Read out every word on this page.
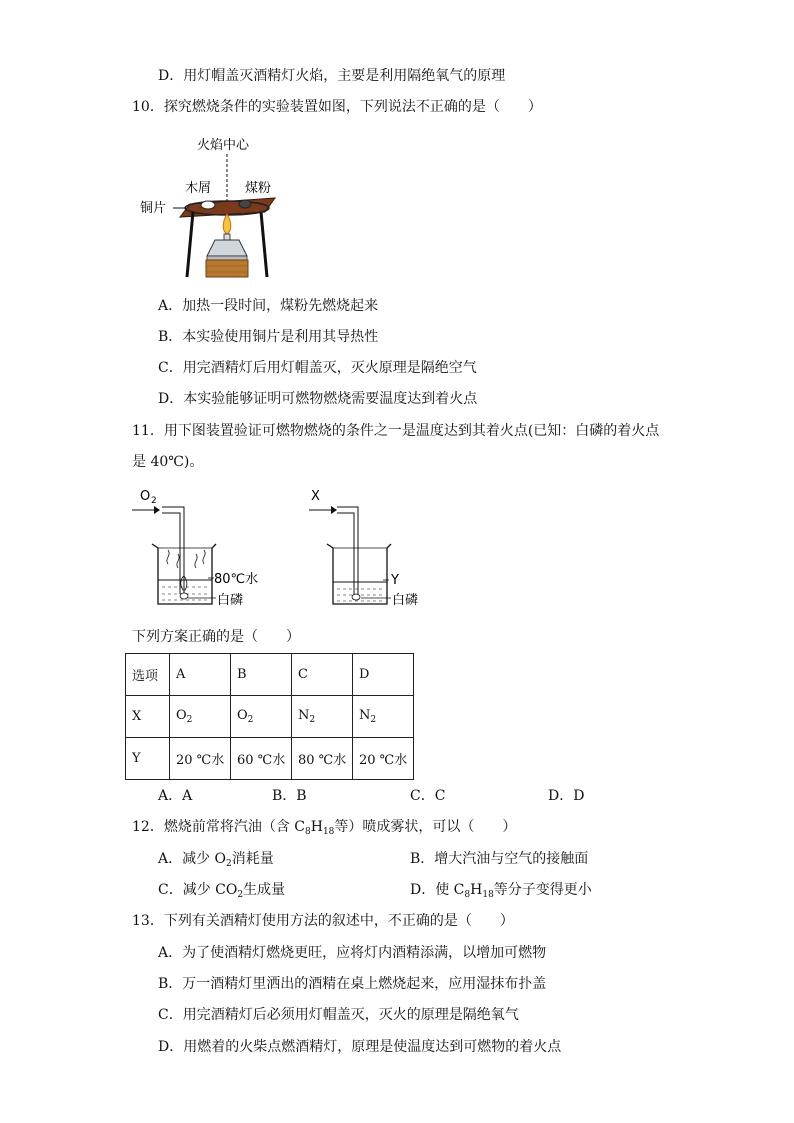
D．用灯帽盖灭酒精灯火焰，主要是利用隔绝氧气的原理
10．探究燃烧条件的实验装置如图，下列说法不正确的是（　　）
火焰中心
木屑	煤粉
铜片
A．加热一段时间，煤粉先燃烧起来
B．本实验使用铜片是利用其导热性
C．用完酒精灯后用灯帽盖灭，灭火原理是隔绝空气
D．本实验能够证明可燃物燃烧需要温度达到着火点
11．用下图装置验证可燃物燃烧的条件之一是温度达到其着火点(已知：白磷的着火点
是 40℃)。
O 2
80℃水
白磷
X
Y
白磷
下列方案正确的是（　　）
选项	A	B	C	D
X	$O_2$	$O_2$	$N_2$	$N_2$
Y	20 ℃水	60 ℃水	80 ℃水	20 ℃水
A．A	B．B	C．C	D．D
12．燃烧前常将汽油（含 $C_8H_{18}$等）喷成雾状，可以（　　）
A．减少 $O_2$消耗量	B．增大汽油与空气的接触面
C．减少 $CO_2$生成量	D．使 $C_8H_{18}$等分子变得更小
13．下列有关酒精灯使用方法的叙述中，不正确的是（　　）
A．为了使酒精灯燃烧更旺，应将灯内酒精添满，以增加可燃物
B．万一酒精灯里洒出的酒精在桌上燃烧起来，应用湿抹布扑盖
C．用完酒精灯后必须用灯帽盖灭，灭火的原理是隔绝氧气
D．用燃着的火柴点燃酒精灯，原理是使温度达到可燃物的着火点
